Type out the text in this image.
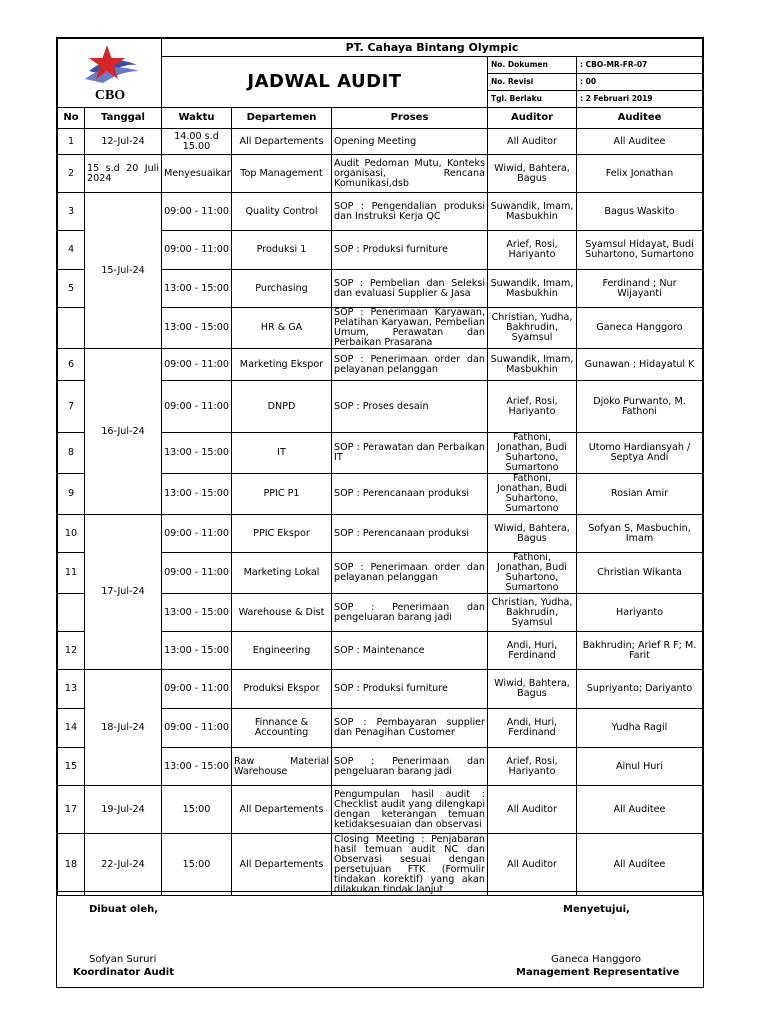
CBO	PT. Cahaya Bintang Olympic		
	JADWAL AUDIT	No. Dokumen	: CBO-MR-FR-07
		No. Revisi	: 00
		Tgl. Berlaku	: 2 Februari 2019
No	Tanggal	Waktu	Departemen	Proses	Auditor	Auditee
1	12-Jul-24	14.00 s.d 15.00	All Departements	Opening Meeting	All Auditor	All Auditee
2	15 s.d 20 Juli 2024	Menyesuaikan	Top Management	Audit Pedoman Mutu, Konteks organisasi, Rencana Komunikasi,dsb	Wiwid, Bahtera, Bagus	Felix Jonathan
3	15-Jul-24	09:00 - 11:00	Quality Control	SOP : Pengendalian produksi dan Instruksi Kerja QC	Suwandik, Imam, Masbukhin	Bagus Waskito
4		09:00 - 11:00	Produksi 1	SOP : Produksi furniture	Arief, Rosi, Hariyanto	Syamsul Hidayat, Budi Suhartono, Sumartono
5		13:00 - 15:00	Purchasing	SOP : Pembelian dan Seleksi dan evaluasi Supplier & Jasa	Suwandik, Imam, Masbukhin	Ferdinand ; Nur Wijayanti
		13:00 - 15:00	HR & GA	SOP : Penerimaan Karyawan, Pelatihan Karyawan, Pembelian Umum, Perawatan dan Perbaikan Prasarana	Christian, Yudha, Bakhrudin, Syamsul	Ganeca Hanggoro
6	16-Jul-24	09:00 - 11:00	Marketing Ekspor	SOP : Penerimaan order dan pelayanan pelanggan	Suwandik, Imam, Masbukhin	Gunawan ; Hidayatul K
7		09:00 - 11:00	DNPD	SOP : Proses desain	Arief, Rosi, Hariyanto	Djoko Purwanto, M. Fathoni
8		13:00 - 15:00	IT	SOP : Perawatan dan Perbaikan IT	Fathoni, Jonathan, Budi Suhartono, Sumartono	Utomo Hardiansyah / Septya Andi
9		13:00 - 15:00	PPIC P1	SOP : Perencanaan produksi	Fathoni, Jonathan, Budi Suhartono, Sumartono	Rosian Amir
10	17-Jul-24	09:00 - 11:00	PPIC Ekspor	SOP : Perencanaan produksi	Wiwid, Bahtera, Bagus	Sofyan S, Masbuchin, Imam
11		09:00 - 11:00	Marketing Lokal	SOP : Penerimaan order dan pelayanan pelanggan	Fathoni, Jonathan, Budi Suhartono, Sumartono	Christian Wikanta
		13:00 - 15:00	Warehouse & Dist	SOP : Penerimaan dan pengeluaran barang jadi	Christian, Yudha, Bakhrudin, Syamsul	Hariyanto
12		13:00 - 15:00	Engineering	SOP : Maintenance	Andi, Huri, Ferdinand	Bakhrudin; Arief R F; M. Farit
13	18-Jul-24	09:00 - 11:00	Produksi Ekspor	SOP : Produksi furniture	Wiwid, Bahtera, Bagus	Supriyanto; Dariyanto
14		09:00 - 11:00	Finnance & Accounting	SOP : Pembayaran supplier dan Penagihan Customer	Andi, Huri, Ferdinand	Yudha Ragil
15		13:00 - 15:00	Raw Material Warehouse	SOP : Penerimaan dan pengeluaran barang jadi	Arief, Rosi, Hariyanto	Ainul Huri
17	19-Jul-24	15:00	All Departements	Pengumpulan hasil audit : Checklist audit yang dilengkapi dengan keterangan temuan ketidaksesuaian dan observasi	All Auditor	All Auditee
18	22-Jul-24	15:00	All Departements	Closing Meeting : Penjabaran hasil temuan audit NC dan Observasi sesuai dengan persetujuan FTK (Formulir tindakan korektif) yang akan dilakukan tindak lanjut	All Auditor	All Auditee
Dibuat oleh,
Sofyan Sururi
Koordinator Audit
Menyetujui,
Ganeca Hanggoro
Management Representative
